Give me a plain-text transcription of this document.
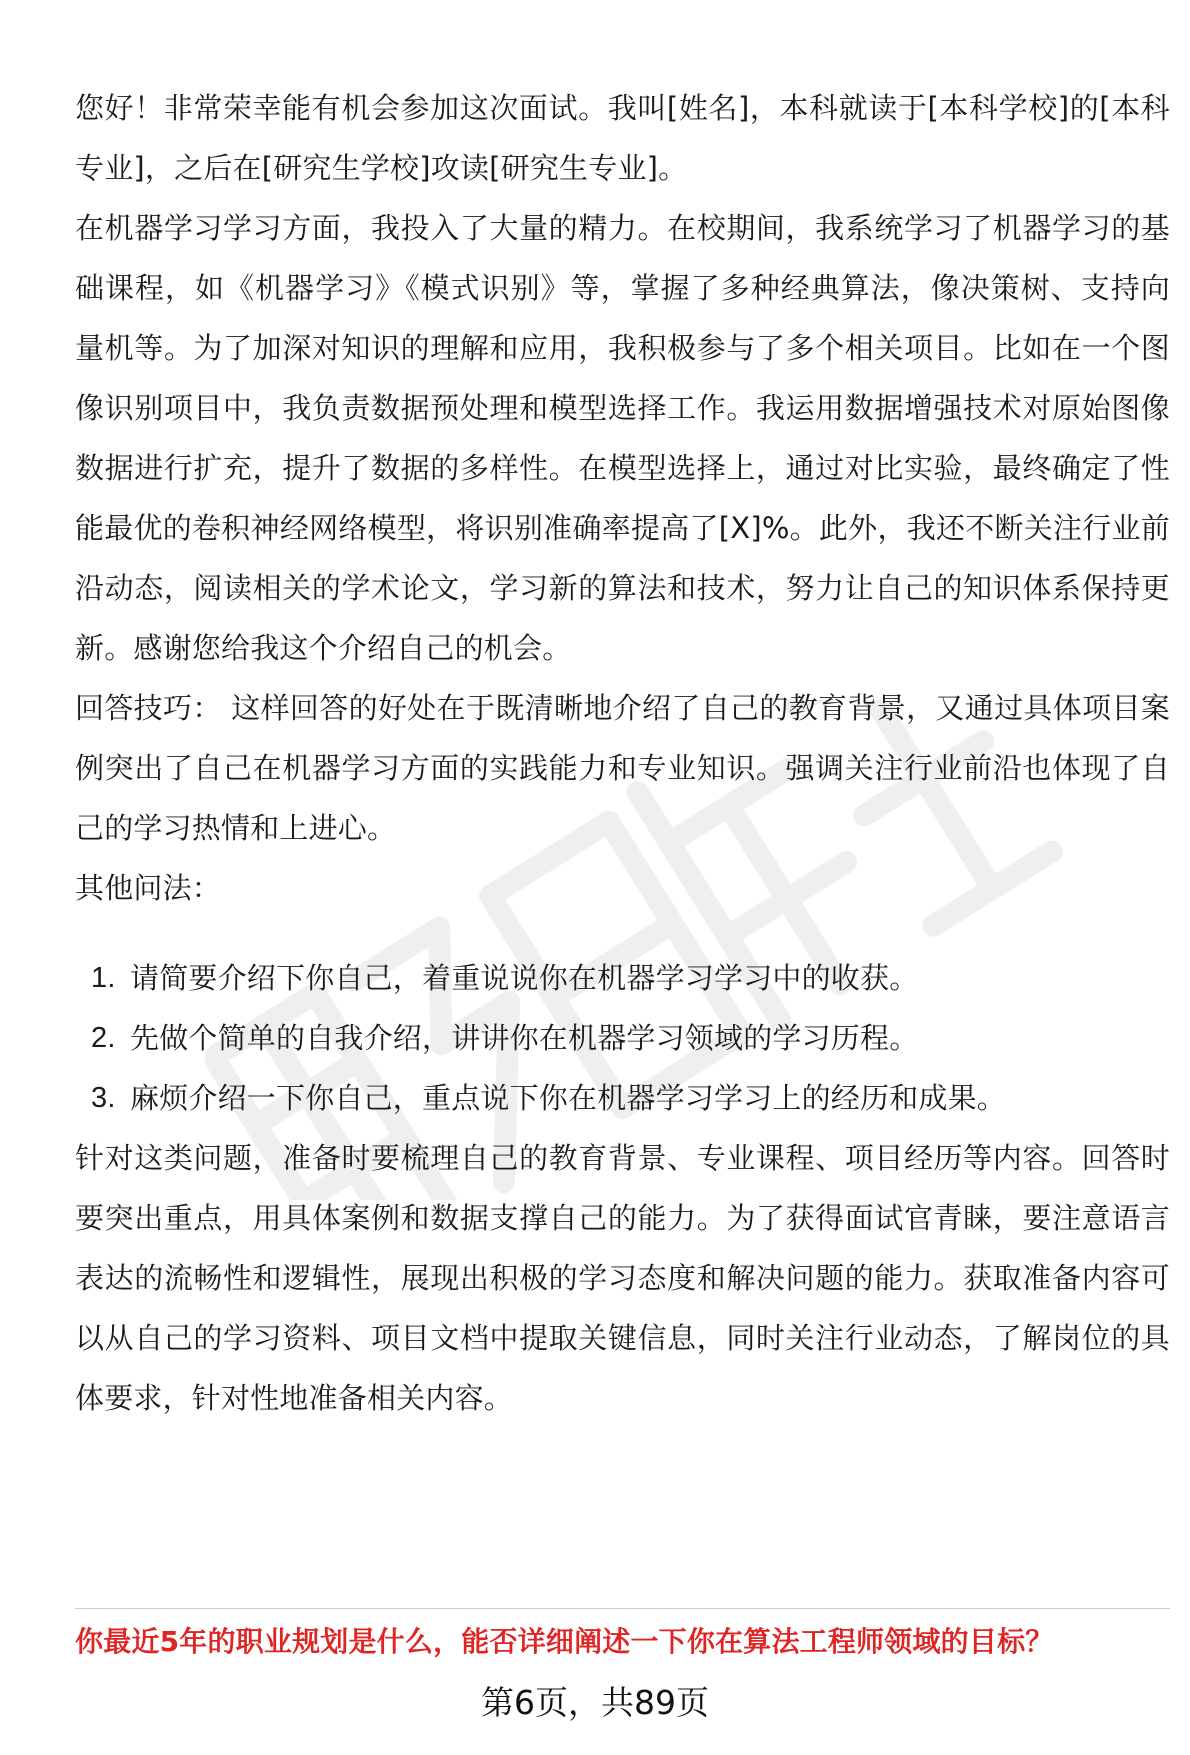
您好！非常荣幸能有机会参加这次面试。我叫[姓名]，本科就读于[本科学校]的[本科专业]，之后在[研究生学校]攻读[研究生专业]。

在机器学习学习方面，我投入了大量的精力。在校期间，我系统学习了机器学习的基础课程，如《机器学习》《模式识别》等，掌握了多种经典算法，像决策树、支持向量机等。为了加深对知识的理解和应用，我积极参与了多个相关项目。比如在一个图像识别项目中，我负责数据预处理和模型选择工作。我运用数据增强技术对原始图像数据进行扩充，提升了数据的多样性。在模型选择上，通过对比实验，最终确定了性能最优的卷积神经网络模型，将识别准确率提高了[X]%。此外，我还不断关注行业前沿动态，阅读相关的学术论文，学习新的算法和技术，努力让自己的知识体系保持更新。感谢您给我这个介绍自己的机会。

回答技巧： 这样回答的好处在于既清晰地介绍了自己的教育背景，又通过具体项目案例突出了自己在机器学习方面的实践能力和专业知识。强调关注行业前沿也体现了自己的学习热情和上进心。

其他问法：

1. 请简要介绍下你自己，着重说说你在机器学习学习中的收获。
2. 先做个简单的自我介绍，讲讲你在机器学习领域的学习历程。
3. 麻烦介绍一下你自己，重点说下你在机器学习学习上的经历和成果。

针对这类问题，准备时要梳理自己的教育背景、专业课程、项目经历等内容。回答时要突出重点，用具体案例和数据支撑自己的能力。为了获得面试官青睐，要注意语言表达的流畅性和逻辑性，展现出积极的学习态度和解决问题的能力。获取准备内容可以从自己的学习资料、项目文档中提取关键信息，同时关注行业动态，了解岗位的具体要求，针对性地准备相关内容。

你最近5年的职业规划是什么，能否详细阐述一下你在算法工程师领域的目标？
第6页，共89页
